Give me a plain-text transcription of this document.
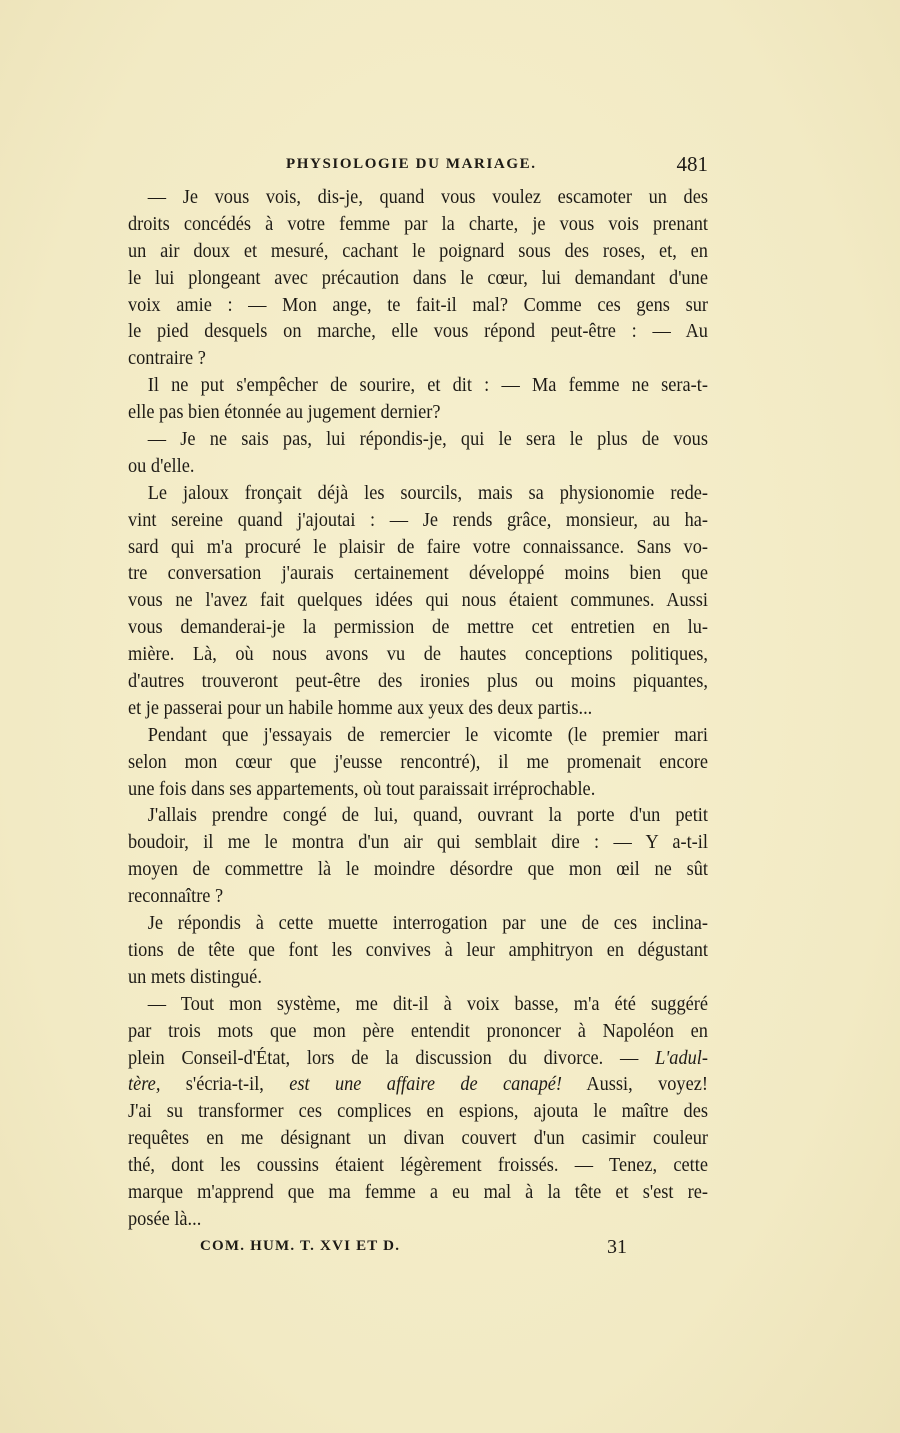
PHYSIOLOGIE DU MARIAGE.	481
— Je vous vois, dis-je, quand vous voulez escamoter un des
droits concédés à votre femme par la charte, je vous vois prenant
un air doux et mesuré, cachant le poignard sous des roses, et, en
le lui plongeant avec précaution dans le cœur, lui demandant d'une
voix amie : — Mon ange, te fait-il mal? Comme ces gens sur
le pied desquels on marche, elle vous répond peut-être : — Au
contraire ?
Il ne put s'empêcher de sourire, et dit : — Ma femme ne sera-t-
elle pas bien étonnée au jugement dernier?
— Je ne sais pas, lui répondis-je, qui le sera le plus de vous
ou d'elle.
Le jaloux fronçait déjà les sourcils, mais sa physionomie rede-
vint sereine quand j'ajoutai : — Je rends grâce, monsieur, au ha-
sard qui m'a procuré le plaisir de faire votre connaissance. Sans vo-
tre conversation j'aurais certainement développé moins bien que
vous ne l'avez fait quelques idées qui nous étaient communes. Aussi
vous demanderai-je la permission de mettre cet entretien en lu-
mière. Là, où nous avons vu de hautes conceptions politiques,
d'autres trouveront peut-être des ironies plus ou moins piquantes,
et je passerai pour un habile homme aux yeux des deux partis...
Pendant que j'essayais de remercier le vicomte (le premier mari
selon mon cœur que j'eusse rencontré), il me promenait encore
une fois dans ses appartements, où tout paraissait irréprochable.
J'allais prendre congé de lui, quand, ouvrant la porte d'un petit
boudoir, il me le montra d'un air qui semblait dire : — Y a-t-il
moyen de commettre là le moindre désordre que mon œil ne sût
reconnaître ?
Je répondis à cette muette interrogation par une de ces inclina-
tions de tête que font les convives à leur amphitryon en dégustant
un mets distingué.
— Tout mon système, me dit-il à voix basse, m'a été suggéré
par trois mots que mon père entendit prononcer à Napoléon en
plein Conseil-d'État, lors de la discussion du divorce. — L'adul-
tère, s'écria-t-il, est une affaire de canapé! Aussi, voyez!
J'ai su transformer ces complices en espions, ajouta le maître des
requêtes en me désignant un divan couvert d'un casimir couleur
thé, dont les coussins étaient légèrement froissés. — Tenez, cette
marque m'apprend que ma femme a eu mal à la tête et s'est re-
posée là...
COM. HUM. T. XVI ET D.	31
